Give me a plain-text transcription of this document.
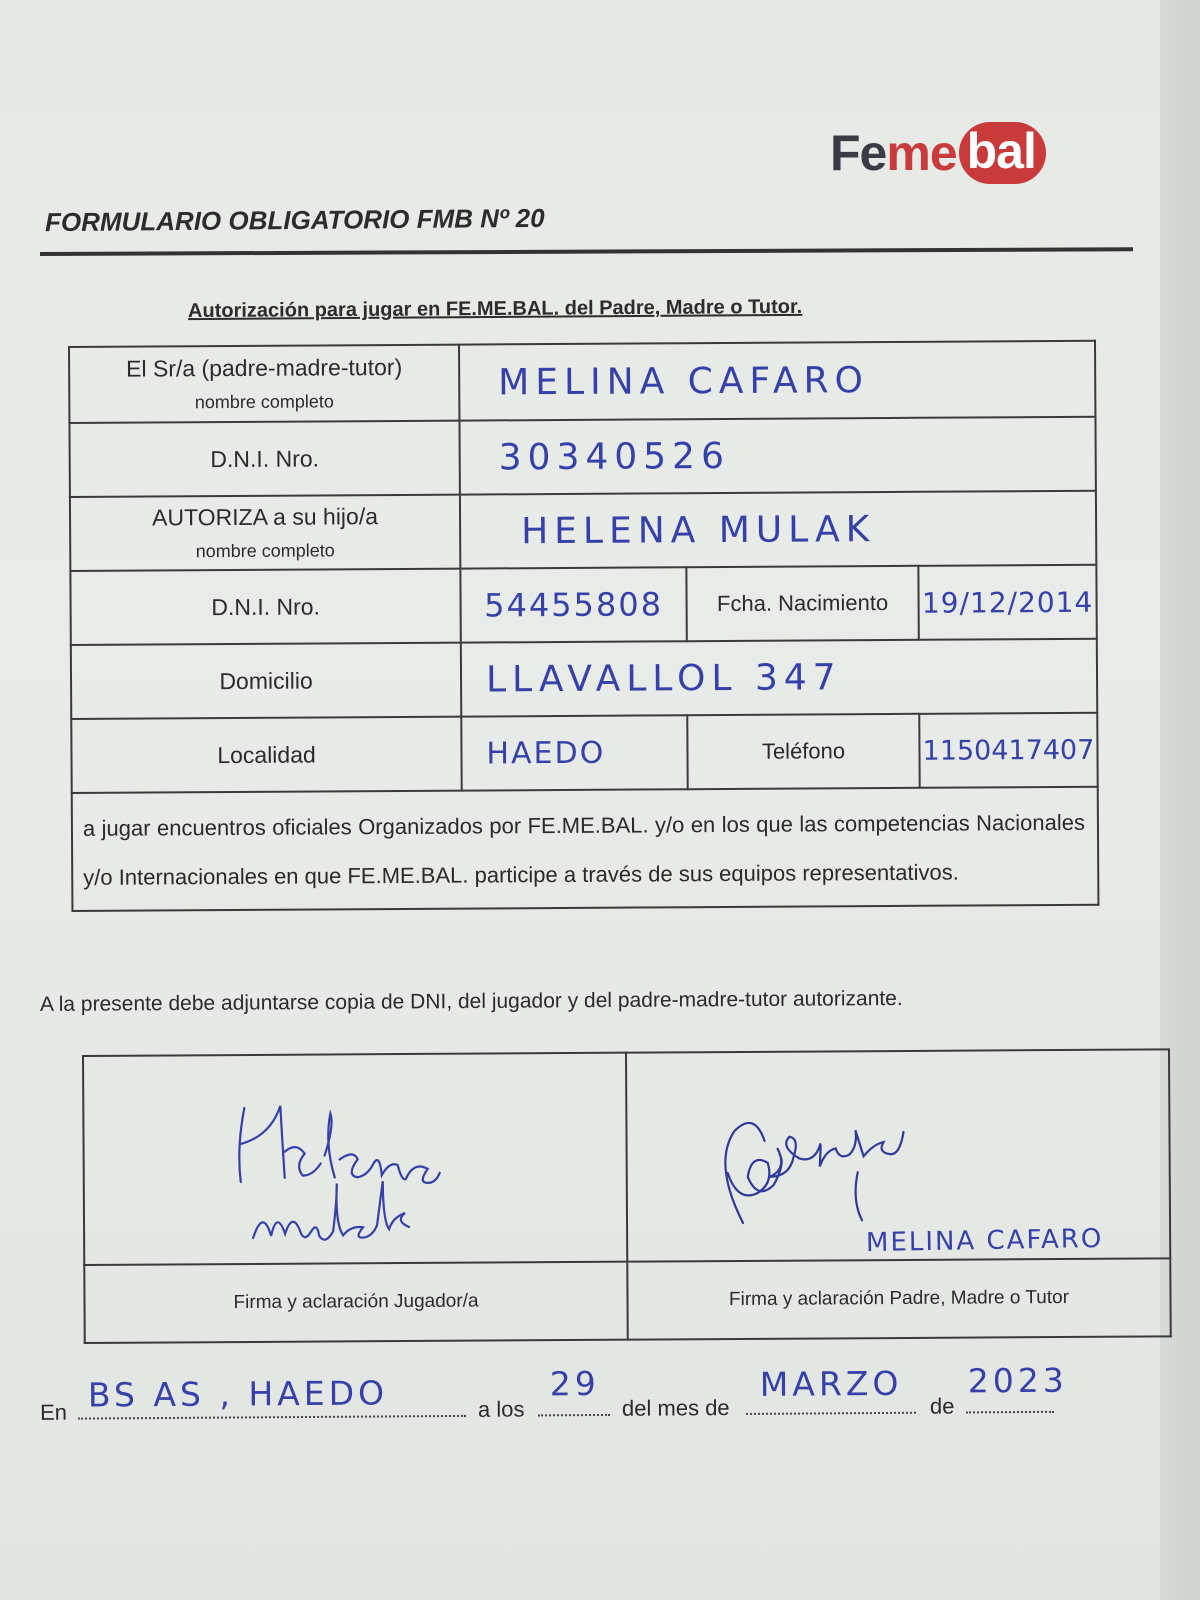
Fe me bal
FORMULARIO OBLIGATORIO FMB Nº 20
Autorización para jugar en FE.ME.BAL. del Padre, Madre o Tutor.
El Sr/a (padre-madre-tutor)
nombre completo	MELINA CAFARO		
D.N.I. Nro.	30340526		
AUTORIZA a su hijo/a
nombre completo	HELENA MULAK		
D.N.I. Nro.	54455808	Fcha. Nacimiento	19/12/2014
Domicilio	LLAVALLOL 347		
Localidad	HAEDO	Teléfono	1150417407
a jugar encuentros oficiales Organizados por FE.ME.BAL. y/o en los que las competencias Nacionales y/o Internacionales en que FE.ME.BAL. participe a través de sus equipos representativos.			
A la presente debe adjuntarse copia de DNI, del jugador y del padre-madre-tutor autorizante.

Firma y aclaración Jugador/a	Firma y aclaración Padre, Madre o Tutor
MELINA CAFARO
En BS AS , HAEDO	a los
29
del mes de
MARZO
de
2023
